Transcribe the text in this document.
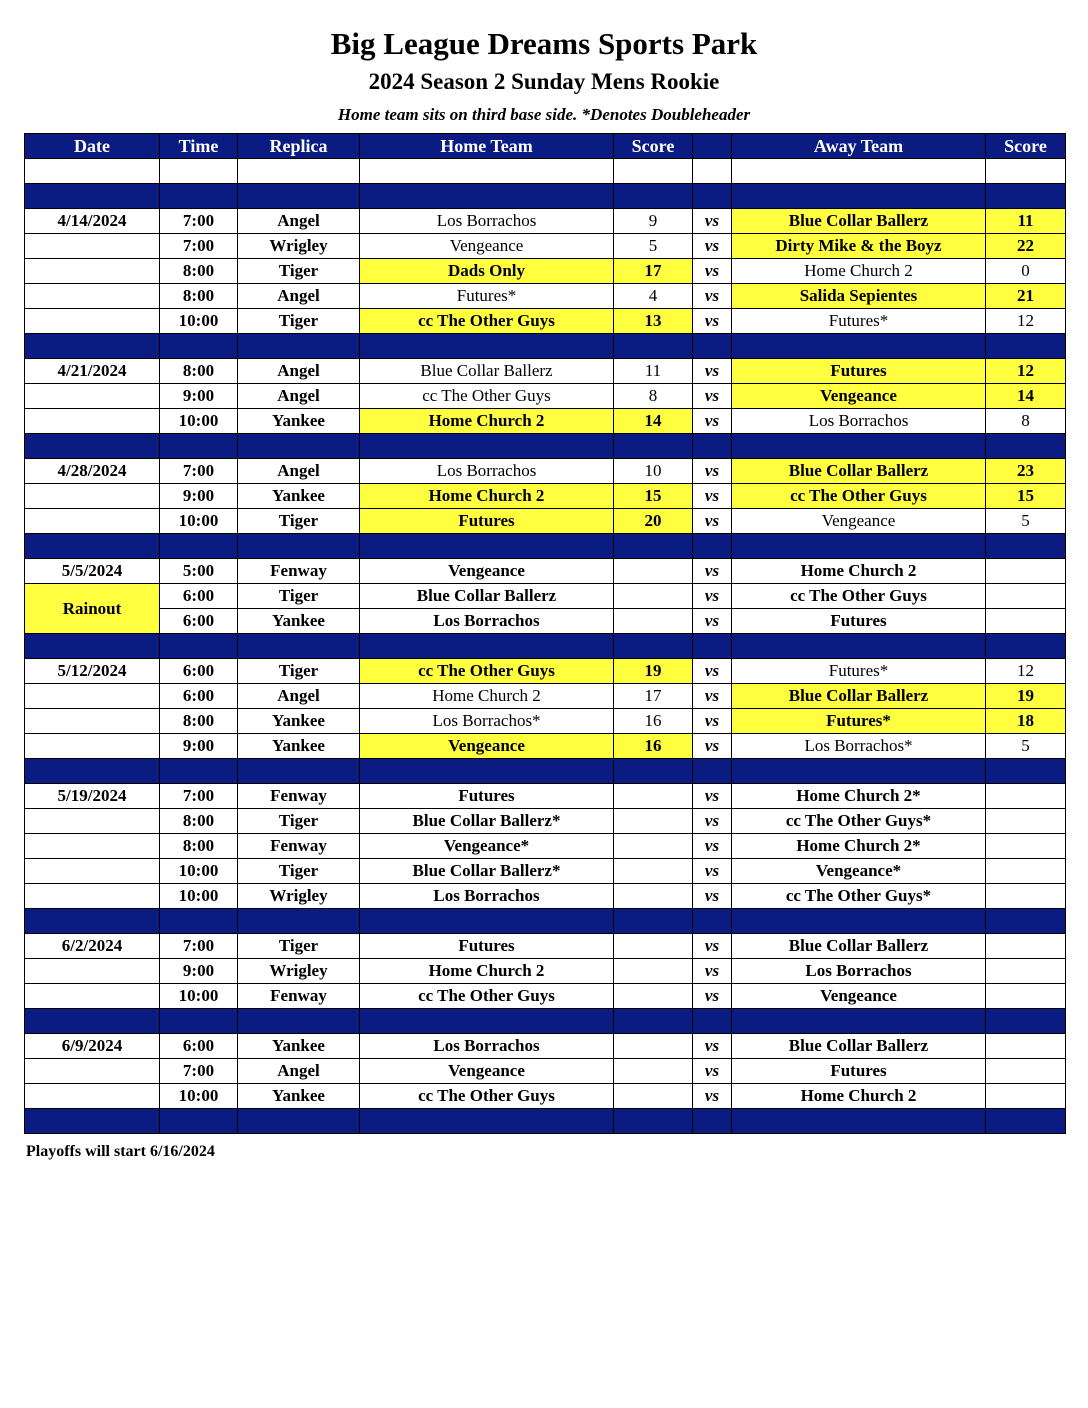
Big League Dreams Sports Park
2024 Season 2 Sunday Mens Rookie
Home team sits on third base side. *Denotes Doubleheader
Date	Time	Replica	Home Team	Score		Away Team	Score

4/14/2024	7:00	Angel	Los Borrachos	9	vs	Blue Collar Ballerz	11
	7:00	Wrigley	Vengeance	5	vs	Dirty Mike & the Boyz	22
	8:00	Tiger	Dads Only	17	vs	Home Church 2	0
	8:00	Angel	Futures*	4	vs	Salida Sepientes	21
	10:00	Tiger	cc The Other Guys	13	vs	Futures*	12

4/21/2024	8:00	Angel	Blue Collar Ballerz	11	vs	Futures	12
	9:00	Angel	cc The Other Guys	8	vs	Vengeance	14
	10:00	Yankee	Home Church 2	14	vs	Los Borrachos	8

4/28/2024	7:00	Angel	Los Borrachos	10	vs	Blue Collar Ballerz	23
	9:00	Yankee	Home Church 2	15	vs	cc The Other Guys	15
	10:00	Tiger	Futures	20	vs	Vengeance	5

5/5/2024	5:00	Fenway	Vengeance		vs	Home Church 2	
Rainout	6:00	Tiger	Blue Collar Ballerz		vs	cc The Other Guys	
	6:00	Yankee	Los Borrachos		vs	Futures	

5/12/2024	6:00	Tiger	cc The Other Guys	19	vs	Futures*	12
	6:00	Angel	Home Church 2	17	vs	Blue Collar Ballerz	19
	8:00	Yankee	Los Borrachos*	16	vs	Futures*	18
	9:00	Yankee	Vengeance	16	vs	Los Borrachos*	5

5/19/2024	7:00	Fenway	Futures		vs	Home Church 2*	
	8:00	Tiger	Blue Collar Ballerz*		vs	cc The Other Guys*	
	8:00	Fenway	Vengeance*		vs	Home Church 2*	
	10:00	Tiger	Blue Collar Ballerz*		vs	Vengeance*	
	10:00	Wrigley	Los Borrachos		vs	cc The Other Guys*	

6/2/2024	7:00	Tiger	Futures		vs	Blue Collar Ballerz	
	9:00	Wrigley	Home Church 2		vs	Los Borrachos	
	10:00	Fenway	cc The Other Guys		vs	Vengeance	

6/9/2024	6:00	Yankee	Los Borrachos		vs	Blue Collar Ballerz	
	7:00	Angel	Vengeance		vs	Futures	
	10:00	Yankee	cc The Other Guys		vs	Home Church 2	

Playoffs will start 6/16/2024
